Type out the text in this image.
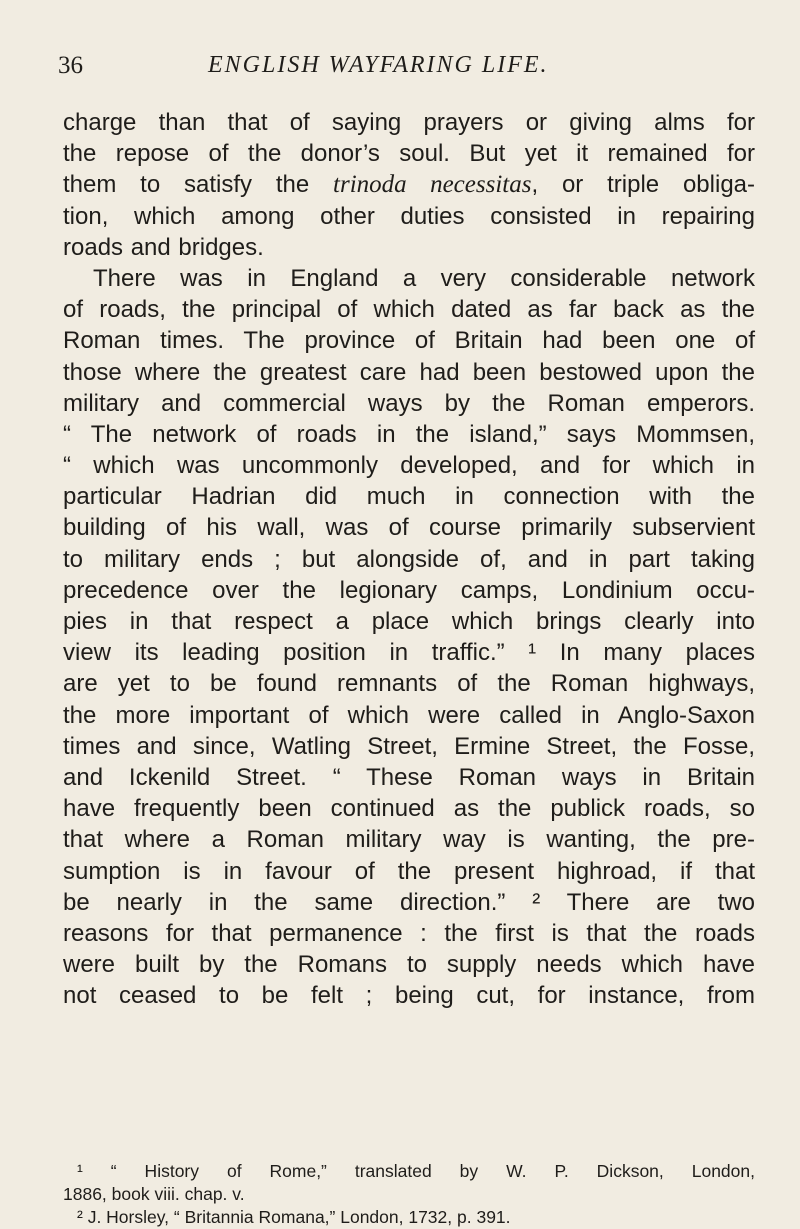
36	ENGLISH WAYFARING LIFE.
charge than that of saying prayers or giving alms for
the repose of the donor’s soul. But yet it remained for
them to satisfy the trinoda necessitas, or triple obliga-
tion, which among other duties consisted in repairing
roads and bridges.
There was in England a very considerable network
of roads, the principal of which dated as far back as the
Roman times. The province of Britain had been one of
those where the greatest care had been bestowed upon the
military and commercial ways by the Roman emperors.
“ The network of roads in the island,” says Mommsen,
“ which was uncommonly developed, and for which in
particular Hadrian did much in connection with the
building of his wall, was of course primarily subservient
to military ends ; but alongside of, and in part taking
precedence over the legionary camps, Londinium occu-
pies in that respect a place which brings clearly into
view its leading position in traffic.” ¹ In many places
are yet to be found remnants of the Roman highways,
the more important of which were called in Anglo-Saxon
times and since, Watling Street, Ermine Street, the Fosse,
and Ickenild Street. “ These Roman ways in Britain
have frequently been continued as the publick roads, so
that where a Roman military way is wanting, the pre-
sumption is in favour of the present highroad, if that
be nearly in the same direction.” ² There are two
reasons for that permanence : the first is that the roads
were built by the Romans to supply needs which have
not ceased to be felt ; being cut, for instance, from
¹ “ History of Rome,” translated by W. P. Dickson, London,
1886, book viii. chap. v.
² J. Horsley, “ Britannia Romana,” London, 1732, p. 391.
